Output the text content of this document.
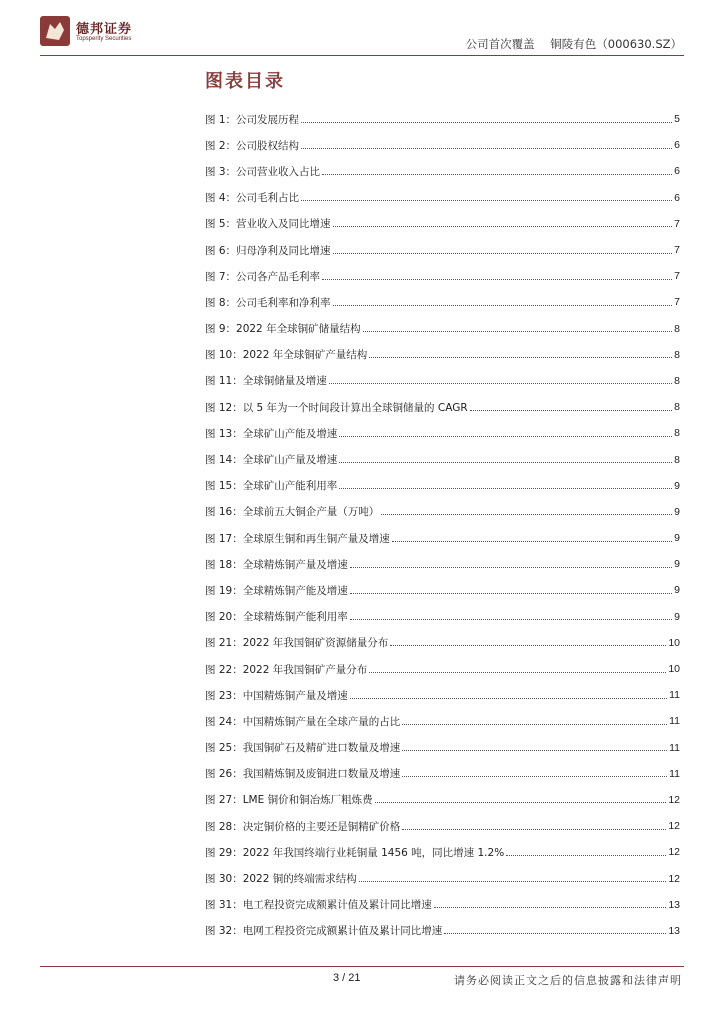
德邦证券
Topsperity Securities	公司首次覆盖 铜陵有色（000630.SZ）
图表目录
图 1：公司发展历程	5
图 2：公司股权结构	6
图 3：公司营业收入占比	6
图 4：公司毛利占比	6
图 5：营业收入及同比增速	7
图 6：归母净利及同比增速	7
图 7：公司各产品毛利率	7
图 8：公司毛利率和净利率	7
图 9：2022 年全球铜矿储量结构	8
图 10：2022 年全球铜矿产量结构	8
图 11：全球铜储量及增速	8
图 12：以 5 年为一个时间段计算出全球铜储量的 CAGR	8
图 13：全球矿山产能及增速	8
图 14：全球矿山产量及增速	8
图 15：全球矿山产能利用率	9
图 16：全球前五大铜企产量（万吨）	9
图 17：全球原生铜和再生铜产量及增速	9
图 18：全球精炼铜产量及增速	9
图 19：全球精炼铜产能及增速	9
图 20：全球精炼铜产能利用率	9
图 21：2022 年我国铜矿资源储量分布	10
图 22：2022 年我国铜矿产量分布	10
图 23：中国精炼铜产量及增速	11
图 24：中国精炼铜产量在全球产量的占比	11
图 25：我国铜矿石及精矿进口数量及增速	11
图 26：我国精炼铜及废铜进口数量及增速	11
图 27：LME 铜价和铜冶炼厂粗炼费	12
图 28：决定铜价格的主要还是铜精矿价格	12
图 29：2022 年我国终端行业耗铜量 1456 吨，同比增速 1.2%	12
图 30：2022 铜的终端需求结构	12
图 31：电工程投资完成额累计值及累计同比增速	13
图 32：电网工程投资完成额累计值及累计同比增速	13
3 / 21	请务必阅读正文之后的信息披露和法律声明
